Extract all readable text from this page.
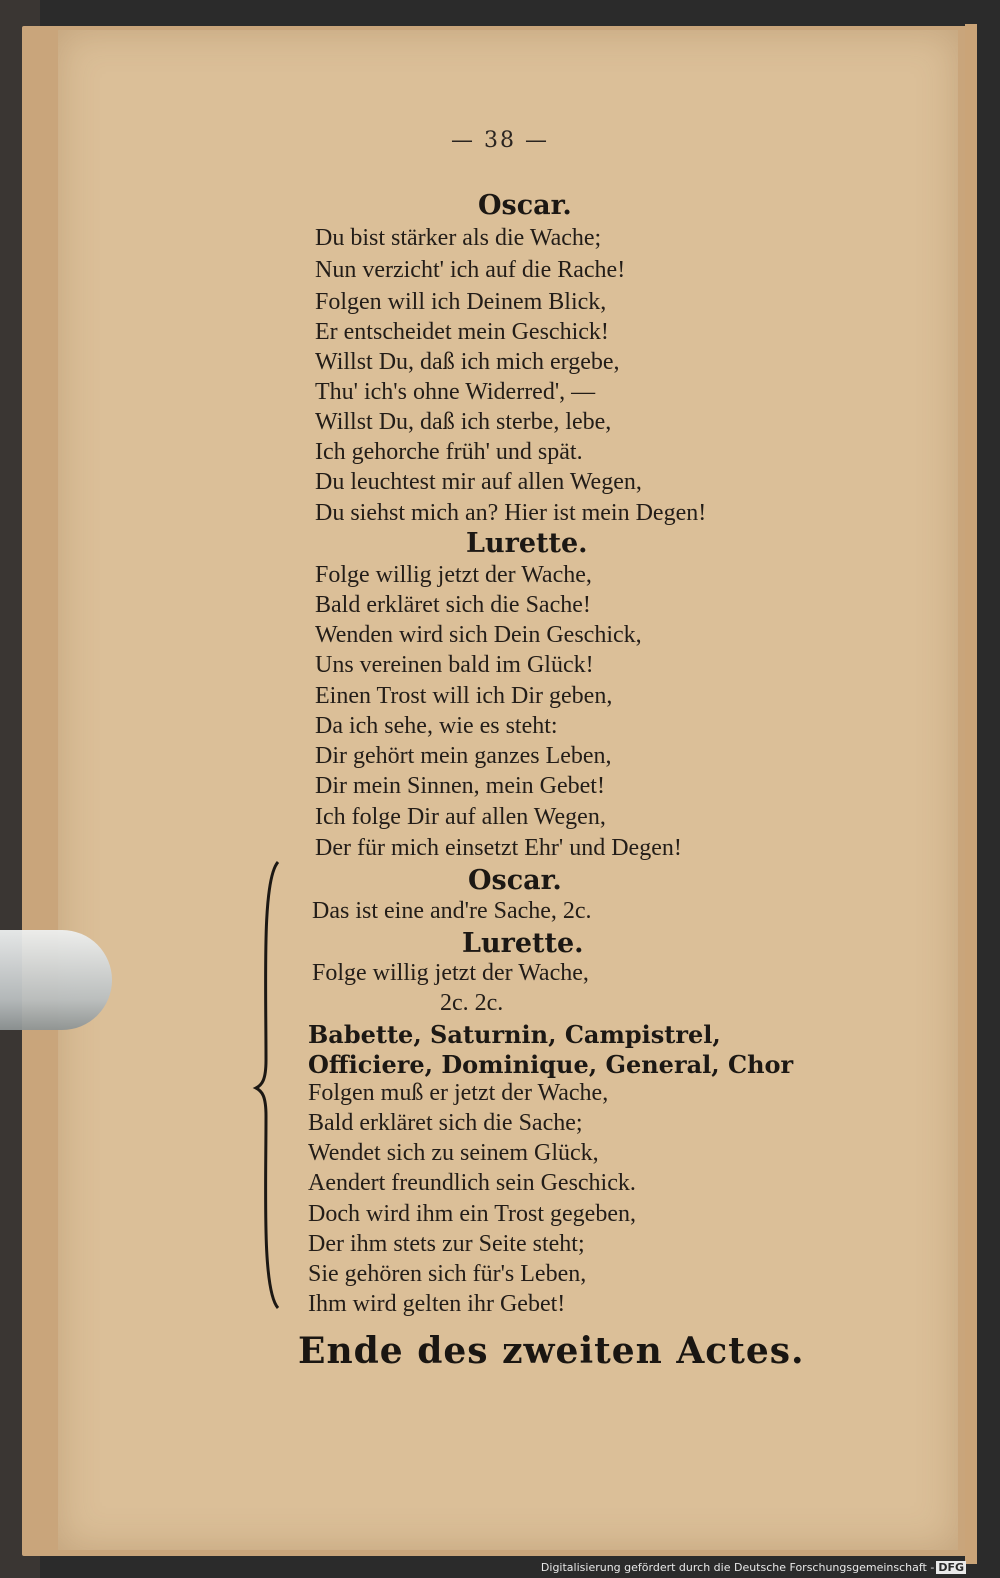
— 38 —
Oscar.
Du bist stärker als die Wache;
Nun verzicht' ich auf die Rache!
Folgen will ich Deinem Blick,
Er entscheidet mein Geschick!
Willst Du, daß ich mich ergebe,
Thu' ich's ohne Widerred', —
Willst Du, daß ich sterbe, lebe,
Ich gehorche früh' und spät.
Du leuchtest mir auf allen Wegen,
Du siehst mich an? Hier ist mein Degen!
Lurette.
Folge willig jetzt der Wache,
Bald erkläret sich die Sache!
Wenden wird sich Dein Geschick,
Uns vereinen bald im Glück!
Einen Trost will ich Dir geben,
Da ich sehe, wie es steht:
Dir gehört mein ganzes Leben,
Dir mein Sinnen, mein Gebet!
Ich folge Dir auf allen Wegen,
Der für mich einsetzt Ehr' und Degen!
Oscar.
Das ist eine and're Sache, 2c.
Lurette.
Folge willig jetzt der Wache,
2c. 2c.
Babette, Saturnin, Campistrel,
Officiere, Dominique, General, Chor
Folgen muß er jetzt der Wache,
Bald erkläret sich die Sache;
Wendet sich zu seinem Glück,
Aendert freundlich sein Geschick.
Doch wird ihm ein Trost gegeben,
Der ihm stets zur Seite steht;
Sie gehören sich für's Leben,
Ihm wird gelten ihr Gebet!
Ende des zweiten Actes.
Digitalisierung gefördert durch die Deutsche Forschungsgemeinschaft - DFG
